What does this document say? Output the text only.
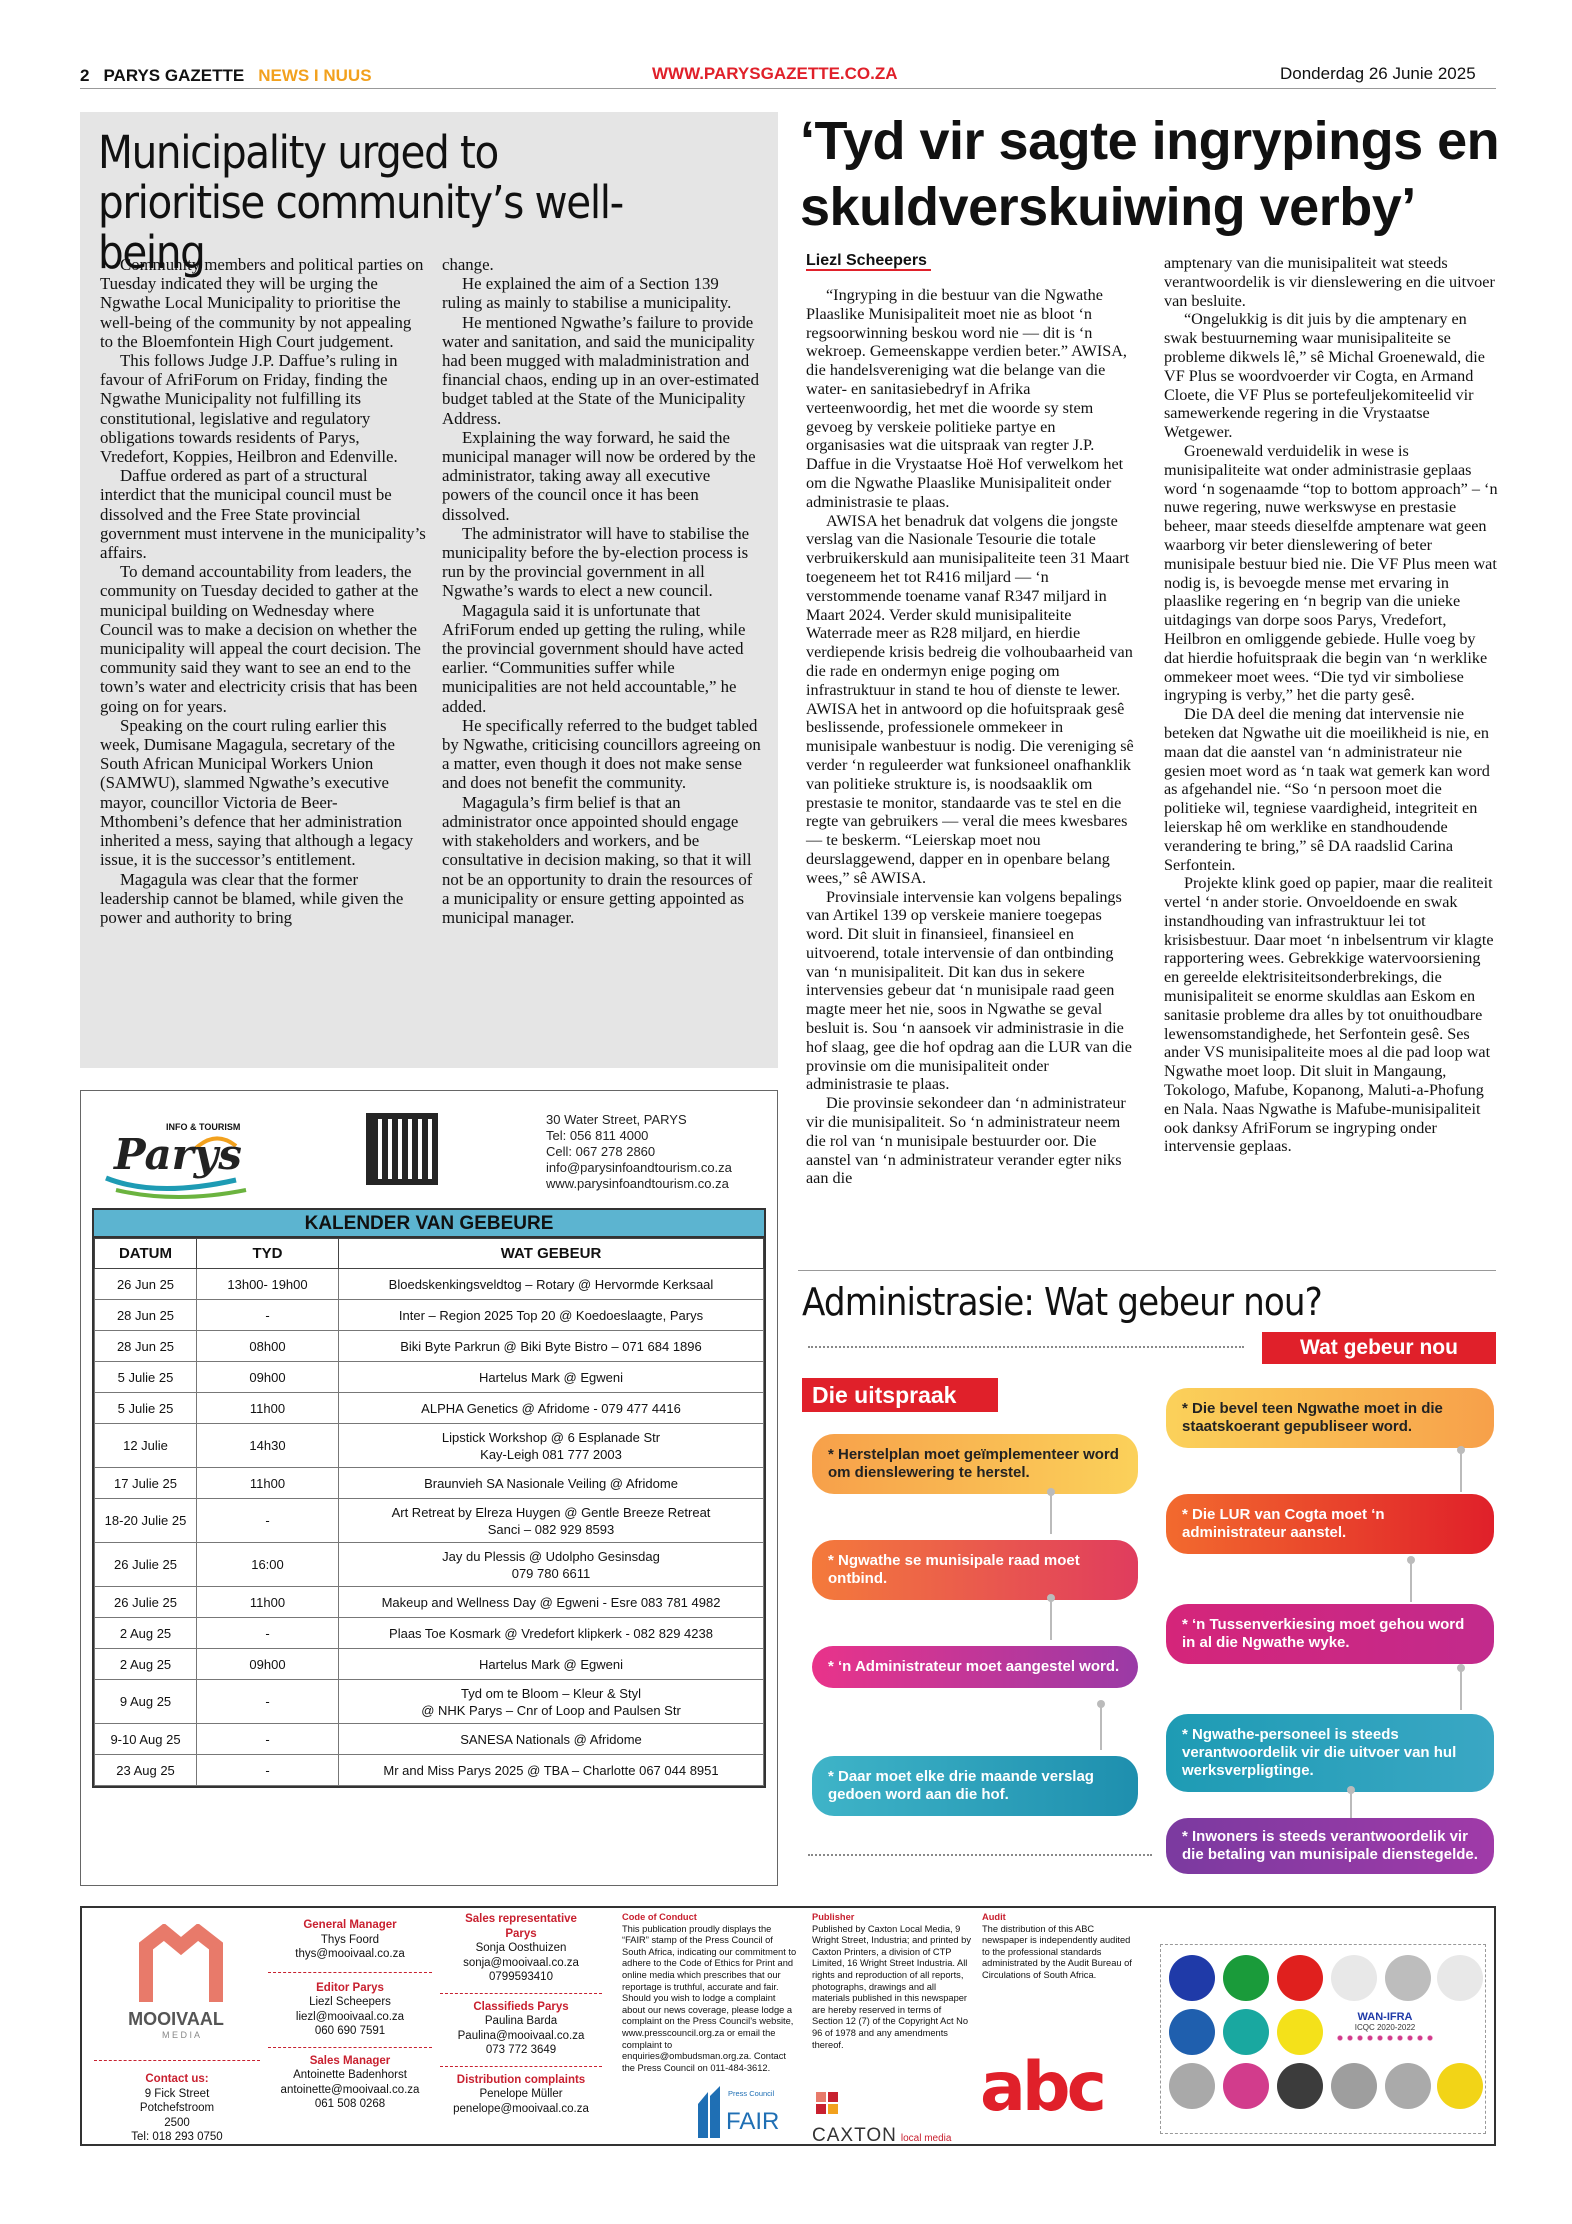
2 PARYS GAZETTE NEWS I NUUS	WWW.PARYSGAZETTE.CO.ZA	Donderdag 26 Junie 2025
Municipality urged to prioritise community’s well-being

Community members and political parties on Tuesday indicated they will be urging the Ngwathe Local Municipality to prioritise the well-being of the community by not appealing to the Bloemfontein High Court judgement.

This follows Judge J.P. Daffue’s ruling in favour of AfriForum on Friday, finding the Ngwathe Municipality not fulfilling its constitutional, legislative and regulatory obligations towards residents of Parys, Vredefort, Koppies, Heilbron and Edenville.

Daffue ordered as part of a structural interdict that the municipal council must be dissolved and the Free State provincial government must intervene in the municipality’s affairs.

To demand accountability from leaders, the community on Tuesday decided to gather at the municipal building on Wednesday where Council was to make a decision on whether the municipality will appeal the court decision. The community said they want to see an end to the town’s water and electricity crisis that has been going on for years.

Speaking on the court ruling earlier this week, Dumisane Magagula, secretary of the South African Municipal Workers Union (SAMWU), slammed Ngwathe’s executive mayor, councillor Victoria de Beer-Mthombeni’s defence that her administration inherited a mess, saying that although a legacy issue, it is the successor’s entitlement.

Magagula was clear that the former leadership cannot be blamed, while given the power and authority to bring

change.

He explained the aim of a Section 139 ruling as mainly to stabilise a municipality.

He mentioned Ngwathe’s failure to provide water and sanitation, and said the municipality had been mugged with maladministration and financial chaos, ending up in an over-estimated budget tabled at the State of the Municipality Address.

Explaining the way forward, he said the municipal manager will now be ordered by the administrator, taking away all executive powers of the council once it has been dissolved.

The administrator will have to stabilise the municipality before the by-election process is run by the provincial government in all Ngwathe’s wards to elect a new council.

Magagula said it is unfortunate that AfriForum ended up getting the ruling, while the provincial government should have acted earlier. “Communities suffer while municipalities are not held accountable,” he added.

He specifically referred to the budget tabled by Ngwathe, criticising councillors agreeing on a matter, even though it does not make sense and does not benefit the community.

Magagula’s firm belief is that an administrator once appointed should engage with stakeholders and workers, and be consultative in decision making, so that it will not be an opportunity to drain the resources of a municipality or ensure getting appointed as municipal manager.

‘Tyd vir sagte ingrypings en skuldverskuiwing verby’
Liezl Scheepers

“Ingryping in die bestuur van die Ngwathe Plaaslike Munisipaliteit moet nie as bloot ‘n regsoorwinning beskou word nie — dit is ‘n wekroep. Gemeenskappe verdien beter.” AWISA, die handelsvereniging wat die belange van die water- en sanitasiebedryf in Afrika verteenwoordig, het met die woorde sy stem gevoeg by verskeie politieke partye en organisasies wat die uitspraak van regter J.P. Daffue in die Vrystaatse Hoë Hof verwelkom het om die Ngwathe Plaaslike Munisipaliteit onder administrasie te plaas.

AWISA het benadruk dat volgens die jongste verslag van die Nasionale Tesourie die totale verbruikerskuld aan munisipaliteite teen 31 Maart toegeneem het tot R416 miljard — ‘n verstommende toename vanaf R347 miljard in Maart 2024. Verder skuld munisipaliteite Waterrade meer as R28 miljard, en hierdie verdiepende krisis bedreig die volhoubaarheid van die rade en ondermyn enige poging om infrastruktuur in stand te hou of dienste te lewer. AWISA het in antwoord op die hofuitspraak gesê beslissende, professionele ommekeer in munisipale wanbestuur is nodig. Die vereniging sê verder ‘n reguleerder wat funksioneel onafhanklik van politieke strukture is, is noodsaaklik om prestasie te monitor, standaarde vas te stel en die regte van gebruikers — veral die mees kwesbares — te beskerm. “Leierskap moet nou deurslaggewend, dapper en in openbare belang wees,” sê AWISA.

Provinsiale intervensie kan volgens bepalings van Artikel 139 op verskeie maniere toegepas word. Dit sluit in finansieel, finansieel en uitvoerend, totale intervensie of dan ontbinding van ‘n munisipaliteit. Dit kan dus in sekere intervensies gebeur dat ‘n munisipale raad geen magte meer het nie, soos in Ngwathe se geval besluit is. Sou ‘n aansoek vir administrasie in die hof slaag, gee die hof opdrag aan die LUR van die provinsie om die munisipaliteit onder administrasie te plaas.

Die provinsie sekondeer dan ‘n administrateur vir die munisipaliteit. So ‘n administrateur neem die rol van ‘n munisipale bestuurder oor. Die aanstel van ‘n administrateur verander egter niks aan die

amptenary van die munisipaliteit wat steeds verantwoordelik is vir dienslewering en die uitvoer van besluite.

“Ongelukkig is dit juis by die amptenary en swak bestuurneming waar munisipaliteite se probleme dikwels lê,” sê Michal Groenewald, die VF Plus se woordvoerder vir Cogta, en Armand Cloete, die VF Plus se portefeuljekomiteelid vir samewerkende regering in die Vrystaatse Wetgewer.

Groenewald verduidelik in wese is munisipaliteite wat onder administrasie geplaas word ‘n sogenaamde “top to bottom approach” – ‘n nuwe regering, nuwe werkswyse en prestasie beheer, maar steeds dieselfde amptenare wat geen waarborg vir beter dienslewering of beter munisipale bestuur bied nie. Die VF Plus meen wat nodig is, is bevoegde mense met ervaring in plaaslike regering en ‘n begrip van die unieke uitdagings van dorpe soos Parys, Vredefort, Heilbron en omliggende gebiede. Hulle voeg by dat hierdie hofuitspraak die begin van ‘n werklike ommekeer moet wees. “Die tyd vir simboliese ingryping is verby,” het die party gesê.

Die DA deel die mening dat intervensie nie beteken dat Ngwathe uit die moeilikheid is nie, en maan dat die aanstel van ‘n administrateur nie gesien moet word as ‘n taak wat gemerk kan word as afgehandel nie. “So ‘n persoon moet die politieke wil, tegniese vaardigheid, integriteit en leierskap hê om werklike en standhoudende verandering te bring,” sê DA raadslid Carina Serfontein.

Projekte klink goed op papier, maar die realiteit vertel ‘n ander storie. Onvoeldoende en swak instandhouding van infrastruktuur lei tot krisisbestuur. Daar moet ‘n inbelsentrum vir klagte rapportering wees. Gebrekkige watervoorsiening en gereelde elektrisiteitsonderbrekings, die munisipaliteit se enorme skuldlas aan Eskom en sanitasie probleme dra alles by tot onuithoudbare lewensomstandighede, het Serfontein gesê. Ses ander VS munisipaliteite moes al die pad loop wat Ngwathe moet loop. Dit sluit in Mangaung, Tokologo, Mafube, Kopanong, Maluti-a-Phofung en Nala. Naas Ngwathe is Mafube-munisipaliteit ook danksy AfriForum se ingryping onder intervensie geplaas.

INFO & TOURISM
Parys
30 Water Street, PARYS
Tel: 056 811 4000
Cell: 067 278 2860
info@parysinfoandtourism.co.za
www.parysinfoandtourism.co.za
KALENDER VAN GEBEURE
DATUM	TYD	WAT GEBEUR
26 Jun 25	13h00- 19h00	Bloedskenkingsveldtog – Rotary @ Hervormde Kerksaal
28 Jun 25	-	Inter – Region 2025 Top 20 @ Koedoeslaagte, Parys
28 Jun 25	08h00	Biki Byte Parkrun @ Biki Byte Bistro – 071 684 1896
5 Julie 25	09h00	Hartelus Mark @ Egweni
5 Julie 25	11h00	ALPHA Genetics @ Afridome - 079 477 4416
12 Julie	14h30	Lipstick Workshop @ 6 Esplanade Str
Kay-Leigh 081 777 2003
17 Julie 25	11h00	Braunvieh SA Nasionale Veiling @ Afridome
18-20 Julie 25	-	Art Retreat by Elreza Huygen @ Gentle Breeze Retreat
Sanci – 082 929 8593
26 Julie 25	16:00	Jay du Plessis @ Udolpho Gesinsdag
079 780 6611
26 Julie 25	11h00	Makeup and Wellness Day @ Egweni - Esre 083 781 4982
2 Aug 25	-	Plaas Toe Kosmark @ Vredefort klipkerk - 082 829 4238
2 Aug 25	09h00	Hartelus Mark @ Egweni
9 Aug 25	-	Tyd om te Bloom – Kleur & Styl
@ NHK Parys – Cnr of Loop and Paulsen Str
9-10 Aug 25	-	SANESA Nationals @ Afridome
23 Aug 25	-	Mr and Miss Parys 2025 @ TBA – Charlotte 067 044 8951
Administrasie: Wat gebeur nou?
Wat gebeur nou
Die uitspraak
* Herstelplan moet geïmplementeer word om dienslewering te herstel.
* Ngwathe se munisipale raad moet ontbind.
* ‘n Administrateur moet aangestel word.
* Daar moet elke drie maande verslag gedoen word aan die hof.
* Die bevel teen Ngwathe moet in die staatskoerant gepubliseer word.
* Die LUR van Cogta moet ‘n administrateur aanstel.
* ‘n Tussenverkiesing moet gehou word in al die Ngwathe wyke.
* Ngwathe-personeel is steeds verantwoordelik vir die uitvoer van hul werksverpligtinge.
* Inwoners is steeds verantwoordelik vir die betaling van munisipale dienstegelde.
MOOIVAAL
M E D I A
Contact us:
9 Fick Street
Potchefstroom
2500
Tel: 018 293 0750
General Manager
Thys Foord
thys@mooivaal.co.za
Editor Parys
Liezl Scheepers
liezl@mooivaal.co.za
060 690 7591
Sales Manager
Antoinette Badenhorst
antoinette@mooivaal.co.za
061 508 0268
Sales representative Parys
Sonja Oosthuizen
sonja@mooivaal.co.za
0799593410
Classifieds Parys
Paulina Barda
Paulina@mooivaal.co.za
073 772 3649
Distribution complaints
Penelope Müller
penelope@mooivaal.co.za
Code of Conduct
This publication proudly displays the “FAIR” stamp of the Press Council of South Africa, indicating our commitment to adhere to the Code of Ethics for Print and online media which prescribes that our reportage is truthful, accurate and fair. Should you wish to lodge a complaint about our news coverage, please lodge a complaint on the Press Council’s website, www.presscouncil.org.za or email the complaint to enquiries@ombudsman.org.za. Contact the Press Council on 011-484-3612.
Press Council
FAIR
Publisher
Published by Caxton Local Media, 9 Wright Street, Industria; and printed by Caxton Printers, a division of CTP Limited, 16 Wright Street Industria. All rights and reproduction of all reports, photographs, drawings and all materials published in this newspaper are hereby reserved in terms of Section 12 (7) of the Copyright Act No 96 of 1978 and any amendments thereof.
CAXTON local media
Audit
The distribution of this ABC newspaper is independently audited to the professional standards administrated by the Audit Bureau of Circulations of South Africa.
abc
WAN-IFRA
ICQC 2020-2022
